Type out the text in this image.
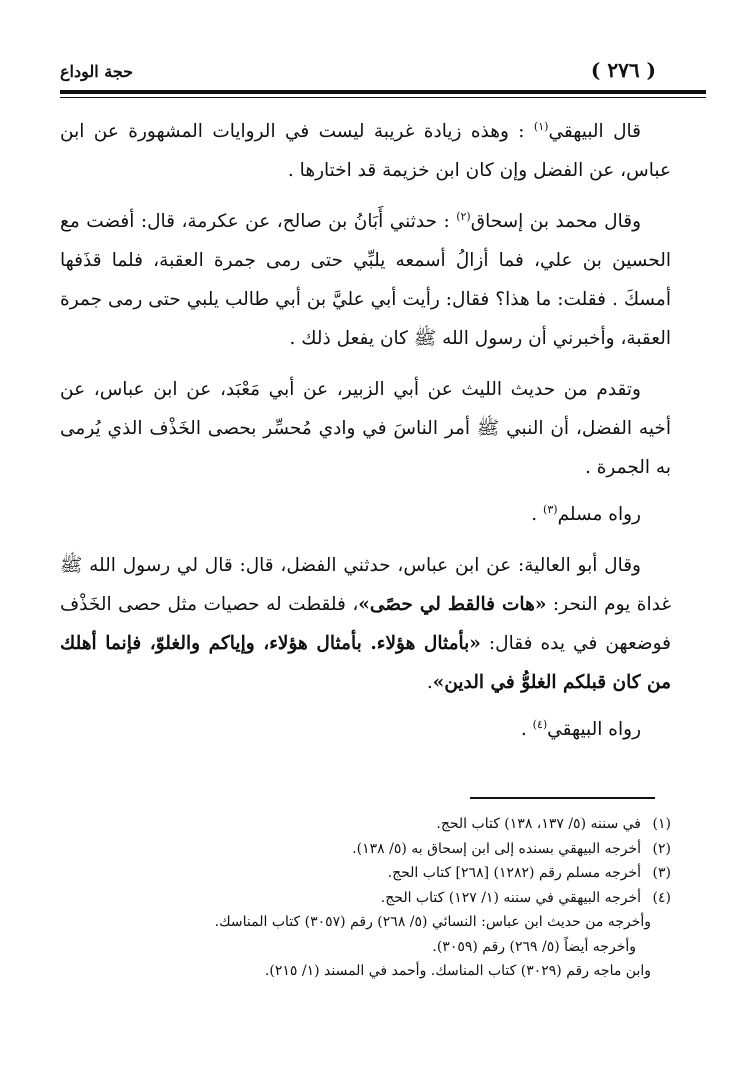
( ٢٧٦ )
حجة الوداع

قال البيهقي$^{(١)}$ : وهذه زيادة غريبة ليست في الروايات المشهورة عن ابن عباس، عن الفضل وإن كان ابن خزيمة قد اختارها .

وقال محمد بن إسحاق$^{(٢)}$ : حدثني أَبَانُ بن صالح، عن عكرمة، قال: أفضت مع الحسين بن علي، فما أزالُ أسمعه يلبِّي حتى رمى جمرة العقبة، فلما قذَفها أمسكَ . فقلت: ما هذا؟ فقال: رأيت أبي عليَّ بن أبي طالب يلبي حتى رمى جمرة العقبة، وأخبرني أن رسول الله ﷺ كان يفعل ذلك .

وتقدم من حديث الليث عن أبي الزبير، عن أبي مَعْبَد، عن ابن عباس، عن أخيه الفضل، أن النبي ﷺ أمر الناسَ في وادي مُحسِّر بحصى الخَذْف الذي يُرمى به الجمرة .

رواه مسلم$^{(٣)}$ .

وقال أبو العالية: عن ابن عباس، حدثني الفضل، قال: قال لي رسول الله ﷺ غداة يوم النحر: «هات فالقط لي حصًى»، فلقطت له حصيات مثل حصى الخَذْف فوضعهن في يده فقال: «بأمثال هؤلاء. بأمثال هؤلاء، وإياكم والغلوّ، فإنما أهلك من كان قبلكم الغلوُّ في الدين».

رواه البيهقي$^{(٤)}$ .

(١)
في سننه (٥/ ١٣٧، ١٣٨) كتاب الحج.
(٢)
أخرجه البيهقي بسنده إلى ابن إسحاق به (٥/ ١٣٨).
(٣)
أخرجه مسلم رقم (١٢٨٢) [٢٦٨] كتاب الحج.
(٤)
أخرجه البيهقي في سننه (١/ ١٢٧) كتاب الحج.
وأخرجه من حديث ابن عباس: النسائي (٥/ ٢٦٨) رقم (٣٠٥٧) كتاب المناسك.
وأخرجه أيضاً (٥/ ٢٦٩) رقم (٣٠٥٩).
وابن ماجه رقم (٣٠٢٩) كتاب المناسك. وأحمد في المسند (١/ ٢١٥).
